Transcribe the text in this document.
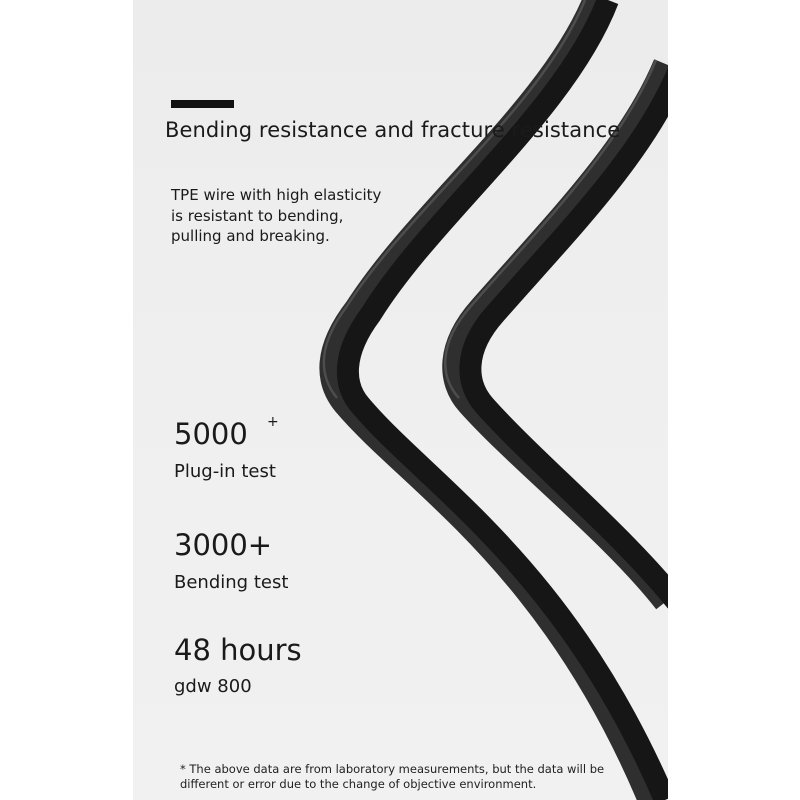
Bending resistance and fracture resistance
TPE wire with high elasticity
is resistant to bending,
pulling and breaking.
5000 +
Plug-in test
3000+
Bending test
48 hours
gdw 800
* The above data are from laboratory measurements, but the data will be
different or error due to the change of objective environment.
